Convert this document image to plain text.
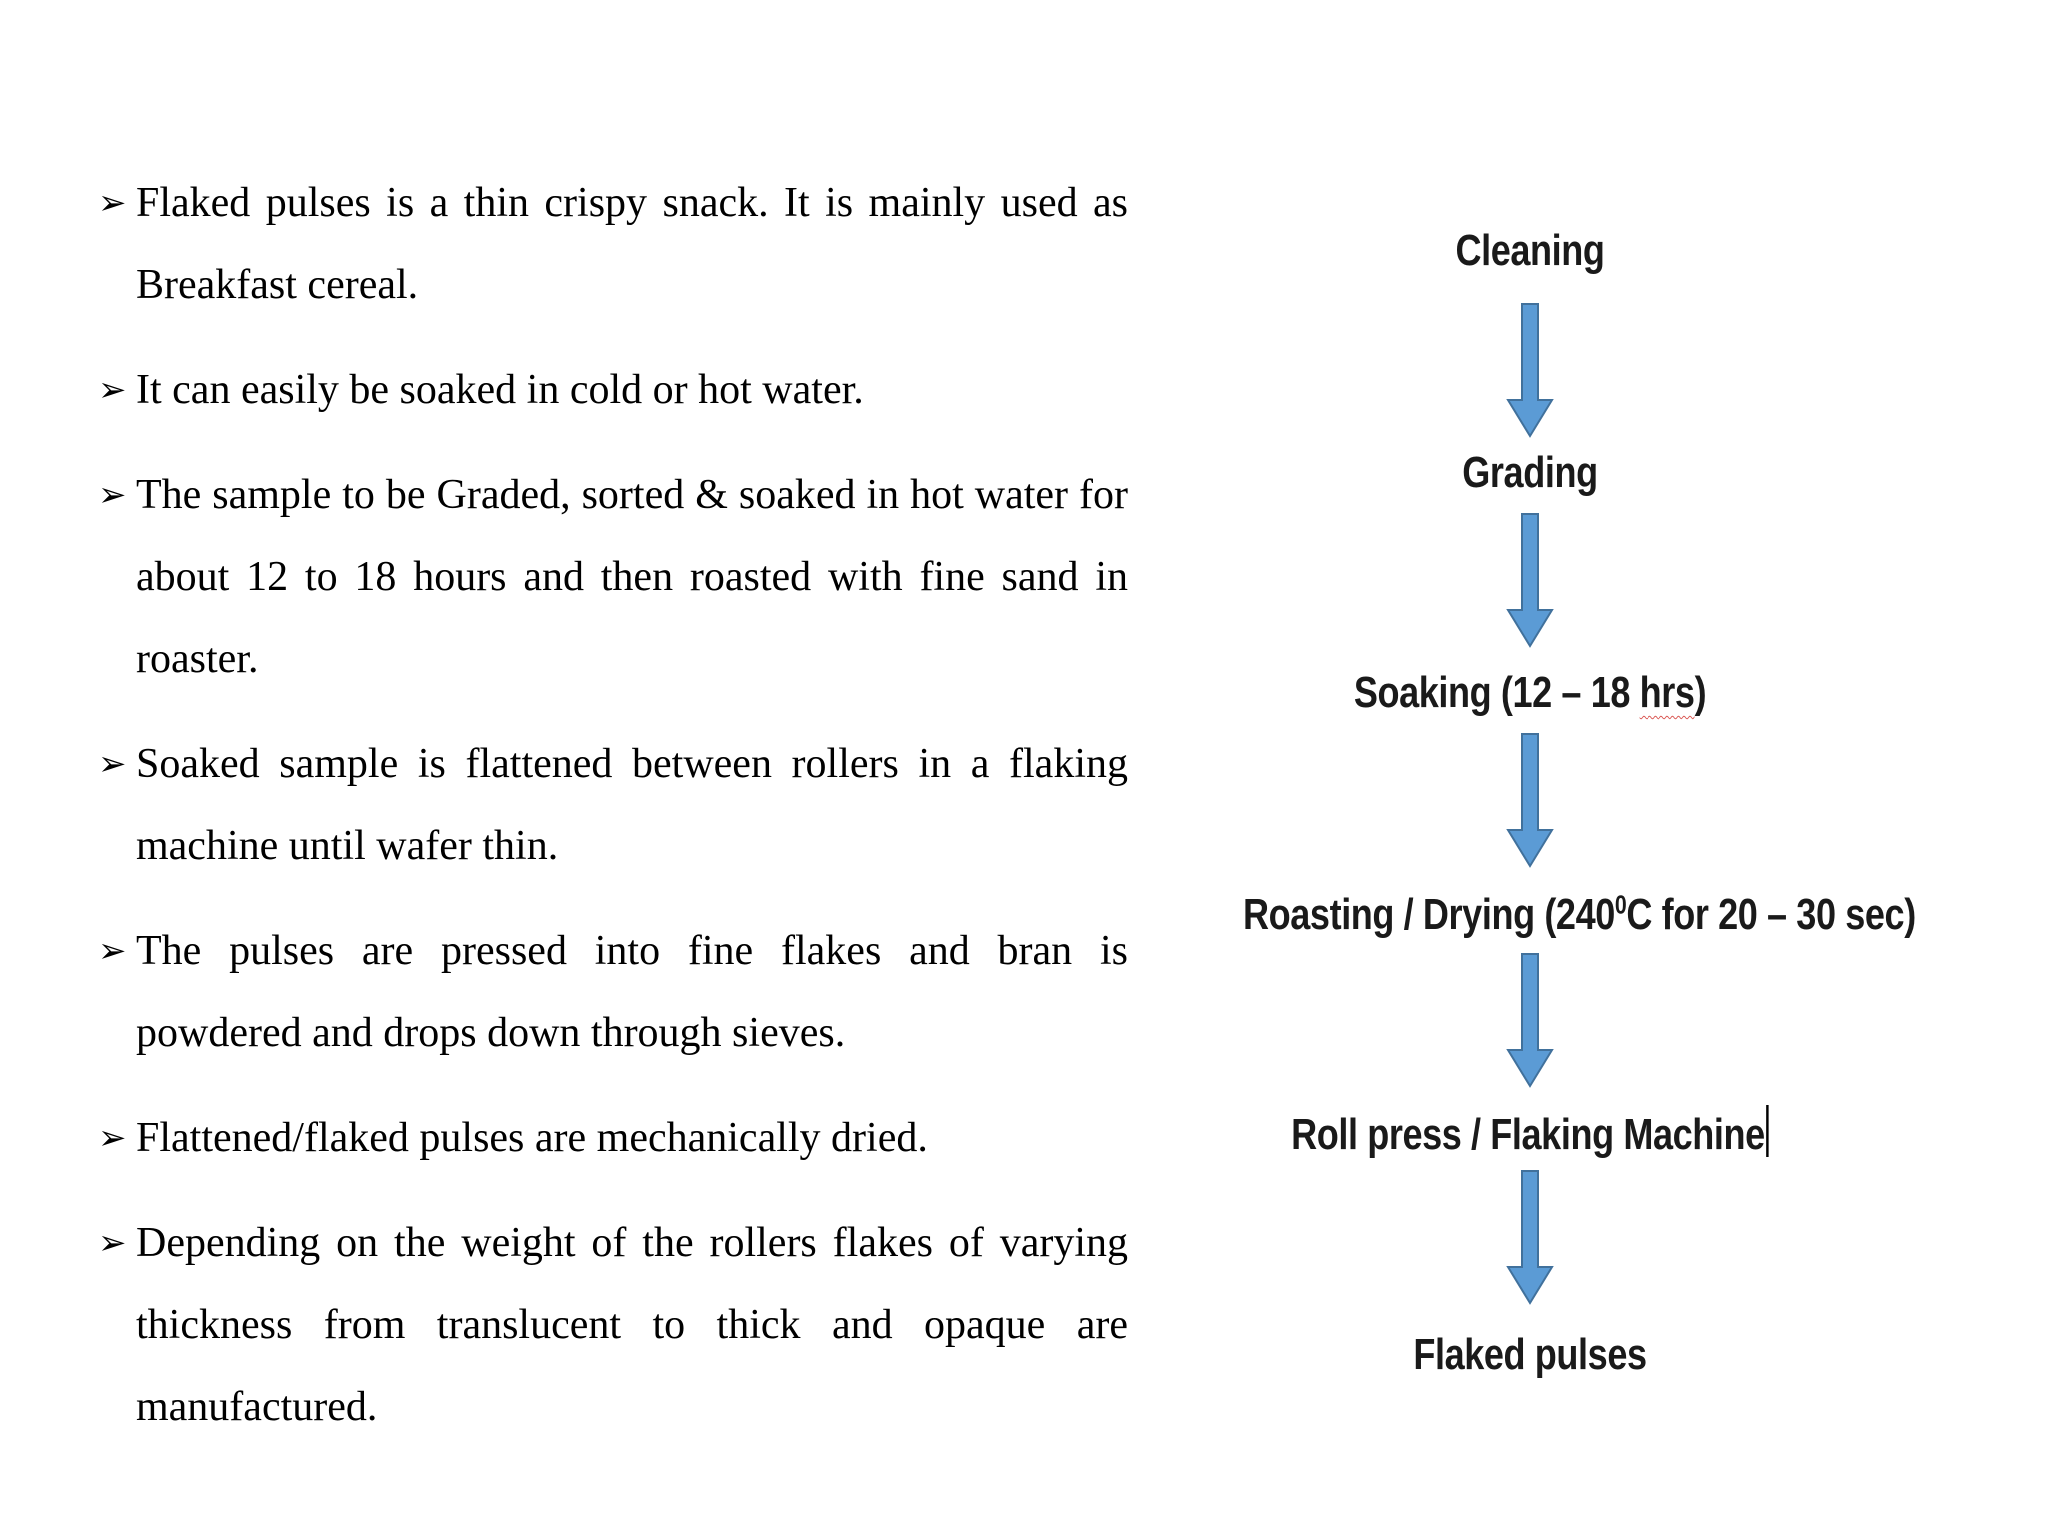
➢ Flaked pulses is a thin crispy snack. It is mainly used as Breakfast cereal.
➢ It can easily be soaked in cold or hot water.
➢ The sample to be Graded, sorted & soaked in hot water for about 12 to 18 hours and then roasted with fine sand in roaster.
➢ Soaked sample is flattened between rollers in a flaking machine until wafer thin.
➢ The pulses are pressed into fine flakes and bran is powdered and drops down through sieves.
➢ Flattened/flaked pulses are mechanically dried.
➢ Depending on the weight of the rollers flakes of varying thickness from translucent to thick and opaque are manufactured.
Cleaning
Grading
Soaking (12 – 18 hrs)
Roasting / Drying ($240^0C$ for 20 – 30 sec)
Roll press / Flaking Machine
Flaked pulses
